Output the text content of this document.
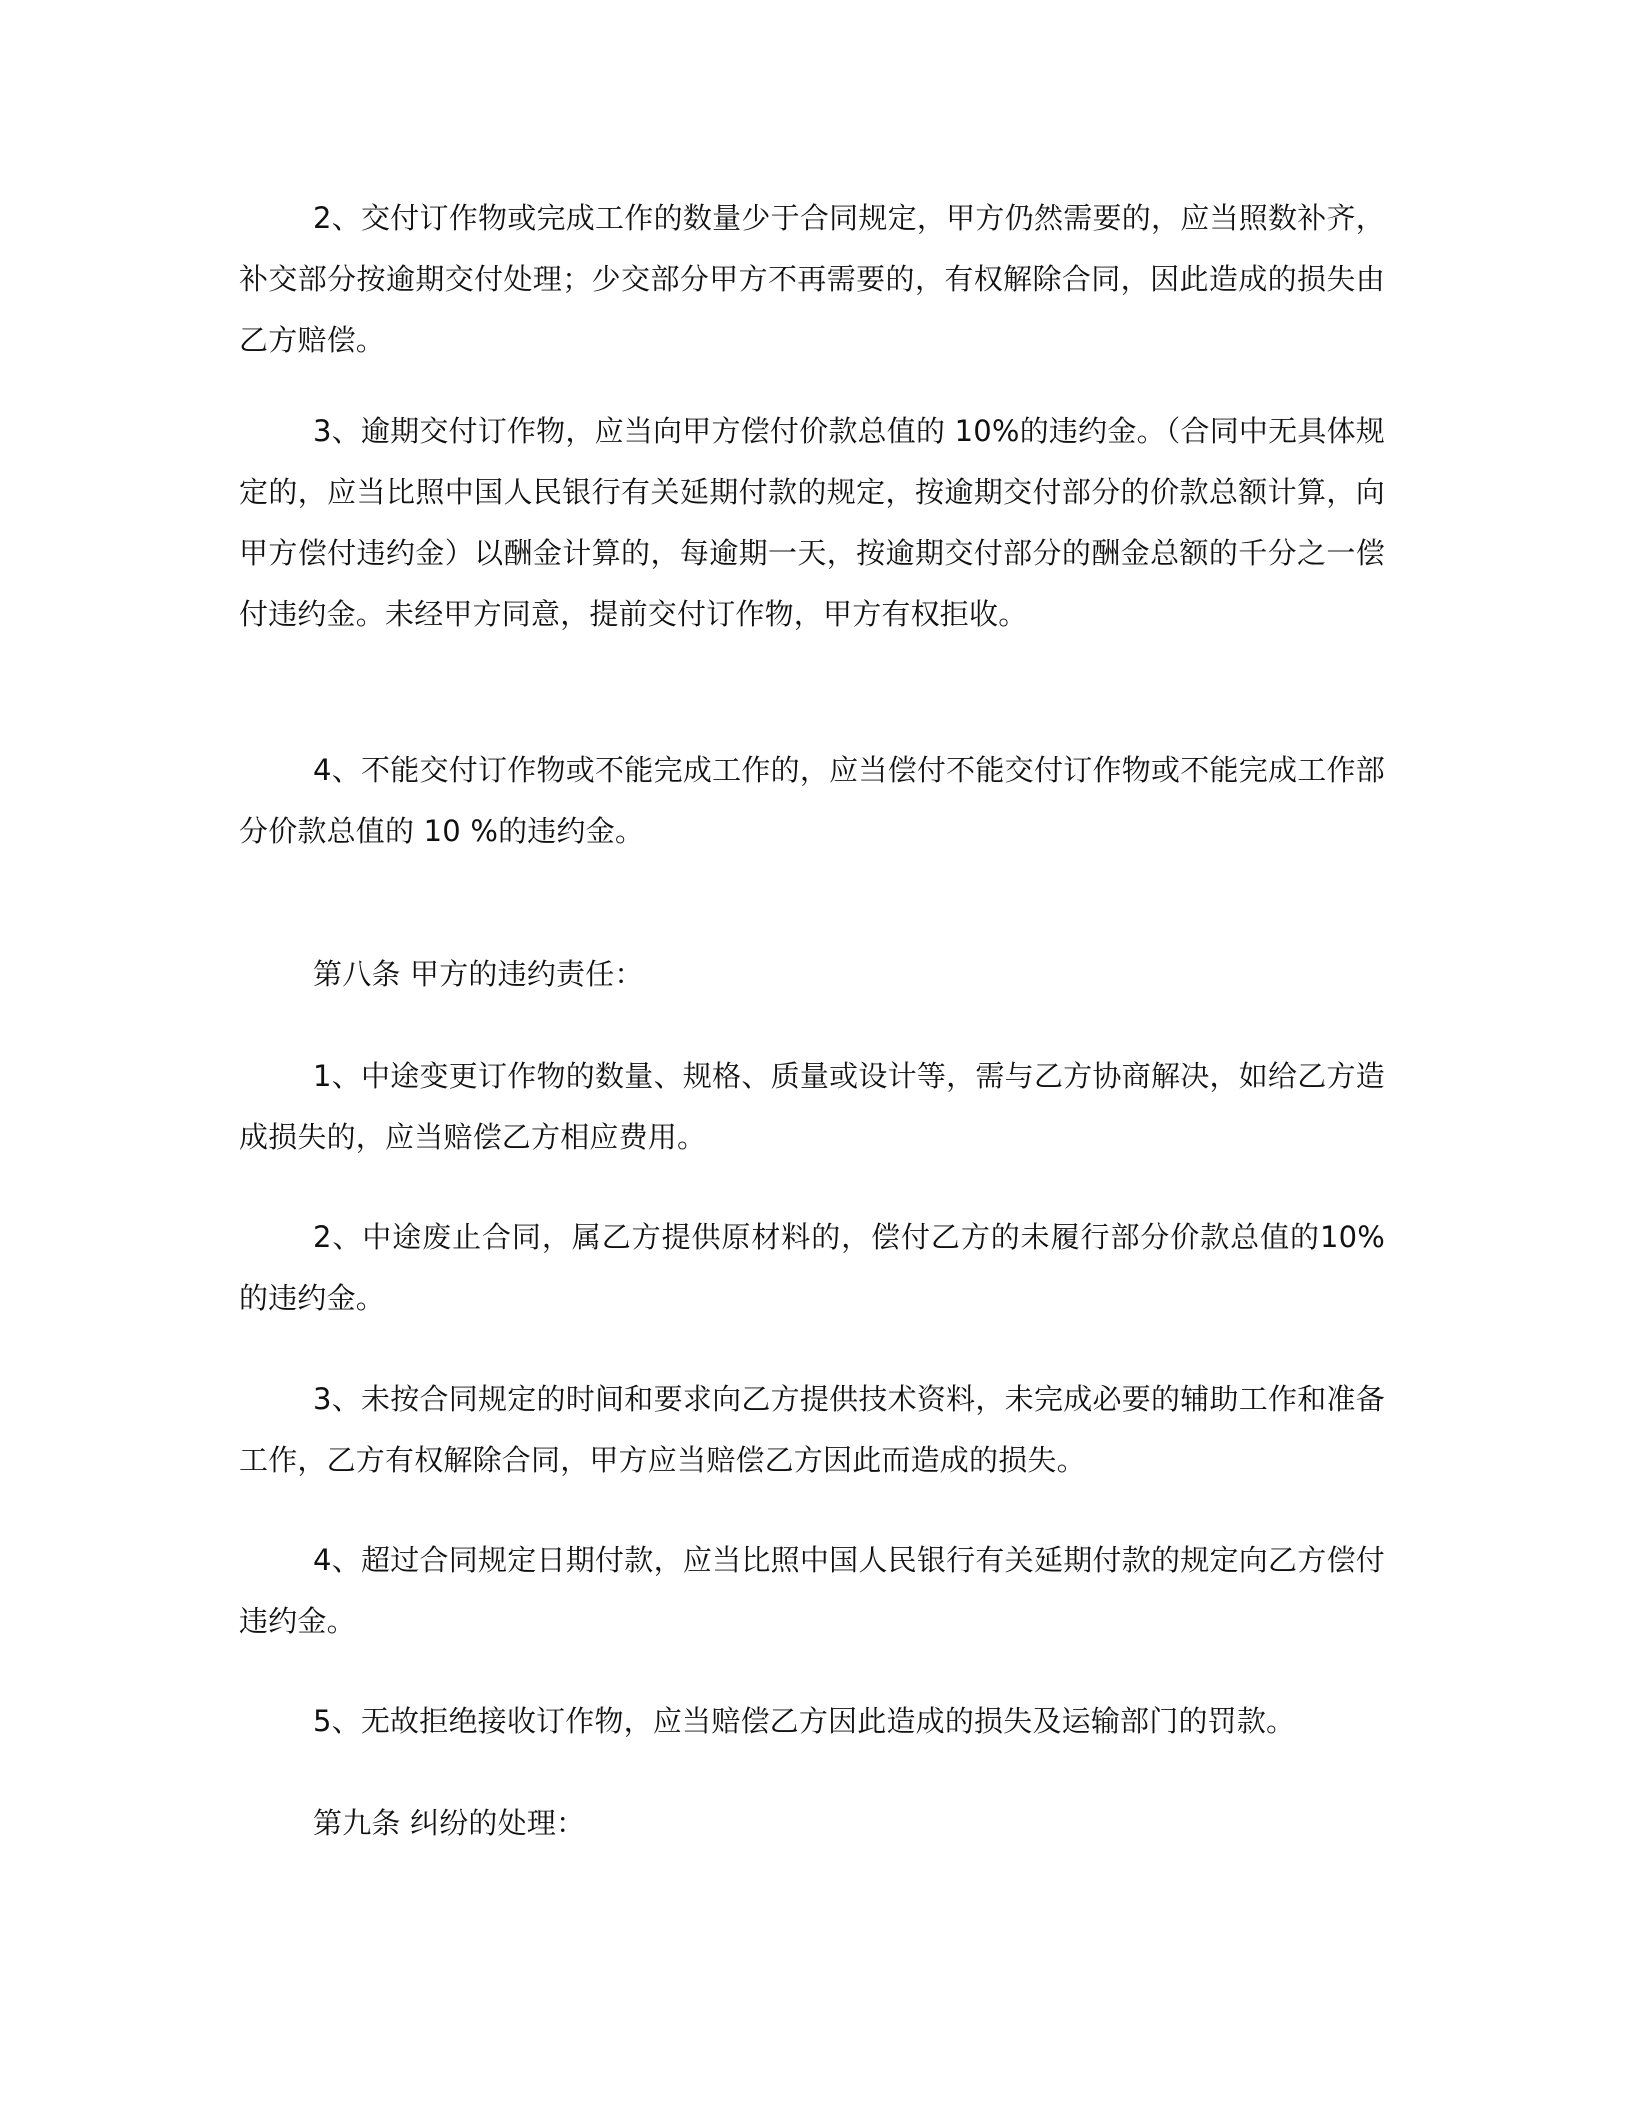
2、交付订作物或完成工作的数量少于合同规定，甲方仍然需要的，应当照数补齐，补交部分按逾期交付处理；少交部分甲方不再需要的，有权解除合同，因此造成的损失由乙方赔偿。

3、逾期交付订作物，应当向甲方偿付价款总值的 10%的违约金。（合同中无具体规定的，应当比照中国人民银行有关延期付款的规定，按逾期交付部分的价款总额计算，向甲方偿付违约金）以酬金计算的，每逾期一天，按逾期交付部分的酬金总额的千分之一偿付违约金。未经甲方同意，提前交付订作物，甲方有权拒收。

4、不能交付订作物或不能完成工作的，应当偿付不能交付订作物或不能完成工作部分价款总值的 10 %的违约金。

第八条 甲方的违约责任：

1、中途变更订作物的数量、规格、质量或设计等，需与乙方协商解决，如给乙方造成损失的，应当赔偿乙方相应费用。

2、中途废止合同，属乙方提供原材料的，偿付乙方的未履行部分价款总值的10%的违约金。

3、未按合同规定的时间和要求向乙方提供技术资料，未完成必要的辅助工作和准备工作，乙方有权解除合同，甲方应当赔偿乙方因此而造成的损失。

4、超过合同规定日期付款，应当比照中国人民银行有关延期付款的规定向乙方偿付违约金。

5、无故拒绝接收订作物，应当赔偿乙方因此造成的损失及运输部门的罚款。

第九条 纠纷的处理：
